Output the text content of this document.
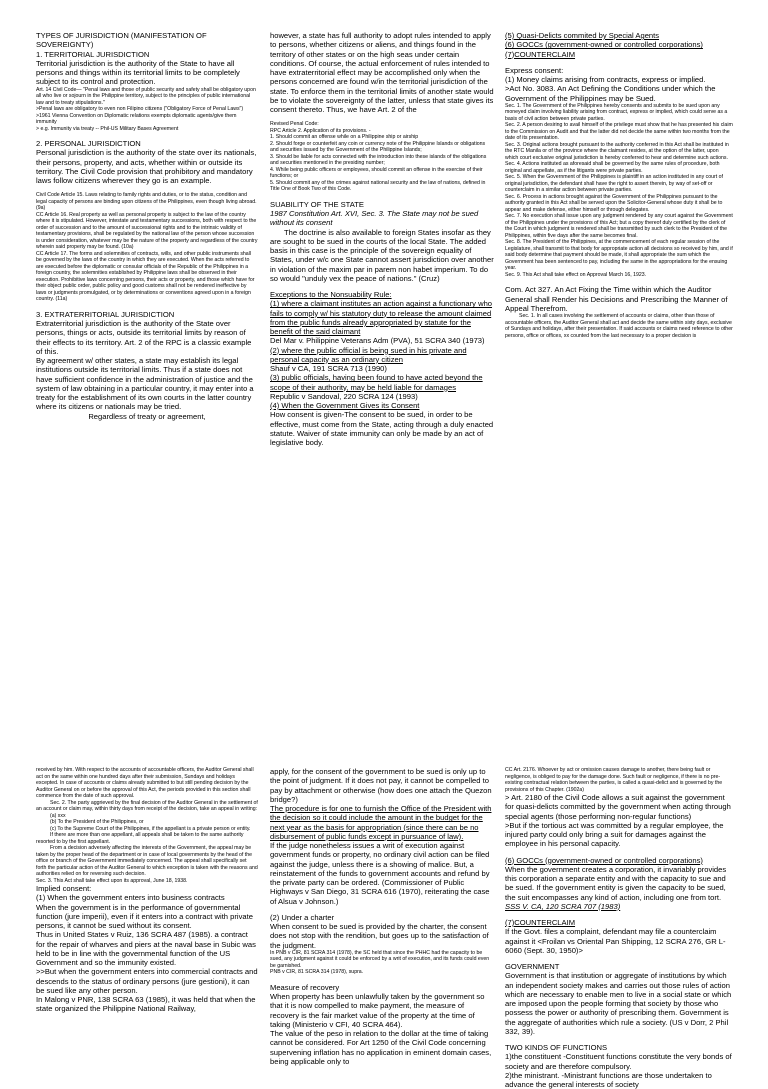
TYPES OF JURISDICTION (MANIFESTATION OF SOVEREIGNTY)

1. TERRITORIAL JURISDICTION

Territorial jurisdiction is the authority of the State to have all persons and things within its territorial limits to be completely subject to its control and protection.

Art. 14 Civil Code— "Penal laws and those of public security and safety shall be obligatory upon all who live or sojourn in the Philippine territory, subject to the principles of public international law and to treaty stipulations."

>Penal laws are obligatory to even non Filipino citizens ("Obligatory Force of Penal Laws")

>1961 Vienna Convention on Diplomatic relations exempts diplomatic agents/give them immunity

> e.g. Immunity via treaty -- Phil-US Military Bases Agreement

2. PERSONAL JURISDICTION

Personal jurisdiction is the authority of the state over its nationals, their persons, property, and acts, whether within or outside its territory. The Civil Code provision that prohibitory and mandatory laws follow citizens wherever they go is an example.

Civil Code Article 15. Laws relating to family rights and duties, or to the status, condition and legal capacity of persons are binding upon citizens of the Philippines, even though living abroad. (9a)

CC Article 16. Real property as well as personal property is subject to the law of the country where it is stipulated. However, intestate and testamentary successions, both with respect to the order of succession and to the amount of successional rights and to the intrinsic validity of testamentary provisions, shall be regulated by the national law of the person whose succession is under consideration, whatever may be the nature of the property and regardless of the country wherein said property may be found. (10a)

CC Article 17. The forms and solemnities of contracts, wills, and other public instruments shall be governed by the laws of the country in which they are executed. When the acts referred to are executed before the diplomatic or consular officials of the Republic of the Philippines in a foreign country, the solemnities established by Philippine laws shall be observed in their execution. Prohibitive laws concerning persons, their acts or property, and those which have for their object public order, public policy and good customs shall not be rendered ineffective by laws or judgments promulgated, or by determinations or conventions agreed upon in a foreign country. (11a)

3. EXTRATERRITORIAL JURISDICTION

Extraterritorial jurisdiction is the authority of the State over persons, things or acts, outside its territorial limits by reason of their effects to its territory. Art. 2 of the RPC is a classic example of this.

By agreement w/ other states, a state may establish its legal institutions outside its territorial limits. Thus if a state does not have sufficient confidence in the administration of justice and the system of law obtaining in a particular country, it may enter into a treaty for the establishment of its own courts in the latter country where its citizens or nationals may be tried.

Regardless of treaty or agreement,

however, a state has full authority to adopt rules intended to apply to persons, whether citizens or aliens, and things found in the territory of other states or on the high seas under certain conditions. Of course, the actual enforcement of rules intended to have extraterritorial effect may be accomplished only when the persons concerned are found w/in the territorial jurisdiction of the state. To enforce them in the territorial limits of another state would be to violate the sovereignty of the latter, unless that state gives its consent thereto. Thus, we have Art. 2 of the

Revised Penal Code:

RPC Article 2. Application of its provisions. -

1. Should commit an offense while on a Philippine ship or airship

2. Should forge or counterfeit any coin or currency note of the Philippine Islands or obligations and securities issued by the Government of the Philippine Islands;

3. Should be liable for acts connected with the introduction into these islands of the obligations and securities mentioned in the presiding number;

4. While being public officers or employees, should commit an offense in the exercise of their functions; or

5. Should commit any of the crimes against national security and the law of nations, defined in Title One of Book Two of this Code.

SUABILITY OF THE STATE

1987 Constitution Art. XVI, Sec. 3. The State may not be sued without its consent

The doctrine is also available to foreign States insofar as they are sought to be sued in the courts of the local State. The added basis in this case is the principle of the sovereign equality of States, under w/c one State cannot assert jurisdiction over another in violation of the maxim par in parem non habet imperium. To do so would "unduly vex the peace of nations." (Cruz)

Exceptions to the Nonsuability Rule:

(1) where a claimant institutes an action against a functionary who fails to comply w/ his statutory duty to release the amount claimed from the public funds already appropriated by statute for the benefit of the said claimant

Del Mar v. Philippine Veterans Adm (PVA), 51 SCRA 340 (1973)

(2) where the public official is being sued in his private and personal capacity as an ordinary citizen

Shauf v CA, 191 SCRA 713 (1990)

(3) public officials, having been found to have acted beyond the scope of their authority, may be held liable for damages

Republic v Sandoval, 220 SCRA 124 (1993)

(4) When the Government Gives its Consent

How consent is given-The consent to be sued, in order to be effective, must come from the State, acting through a duly enacted statute. Waiver of state immunity can only be made by an act of legislative body.

(5) Quasi-Delicts commited by Special Agents

(6) GOCCs (government-owned or controlled corporations)

(7)COUNTERCLAIM

Express consent:

(1) Money claims arising from contracts, express or implied.

>Act No. 3083. An Act Defining the Conditions under which the Government of the Philippines may be Sued.

Sec. 1. The Government of the Philippines hereby consents and submits to be sued upon any moneyed claim involving liability arising from contract, express or implied, which could serve as a basis of civil action between private parties.

Sec. 2. A person desiring to avail himself of the privilege must show that he has presented his claim to the Commission on Audit and that the latter did not decide the same within two months from the date of its presentation.

Sec. 3. Original actions brought pursuant to the authority conferred in this Act shall be instituted in the RTC Manila or of the province where the claimant resides, at the option of the latter, upon which court exclusive original jurisdiction is hereby conferred to hear and determine such actions.

Sec. 4. Actions instituted as aforesaid shall be governed by the same rules of procedure, both original and appellate, as if the litigants were private parties.

Sec. 5. When the Government of the Philippines is plaintiff in an action instituted in any court of original jurisdiction, the defendant shall have the right to assert therein, by way of set-off or counterclaim in a similar action between private parties.

Sec. 6. Process in actions brought against the Government of the Philippines pursuant to the authority granted in this Act shall be served upon the Solicitor-General whose duty it shall be to appear and make defense, either himself or through delegates.

Sec. 7. No execution shall issue upon any judgment rendered by any court against the Government of the Philippines under the provisions of this Act; but a copy thereof duly certified by the clerk of the Court in which judgment is rendered shall be transmitted by such clerk to the President of the Philippines, within five days after the same becomes final.

Sec. 8. The President of the Philippines, at the commencement of each regular session of the Legislature, shall transmit to that body for appropriate action all decisions so received by him, and if said body determine that payment should be made, it shall appropriate the sum which the Government has been sentenced to pay, including the same in the appropriations for the ensuing year.

Sec. 9. This Act shall take effect on Approval March 16, 1923.

Com. Act 327. An Act Fixing the Time within which the Auditor General shall Render his Decisions and Prescribing the Manner of Appeal Therefrom.

Sec. 1. In all cases involving the settlement of accounts or claims, other than those of accountable officers, the Auditor General shall act and decide the same within sixty days, exclusive of Sundays and holidays, after their presentation. If said accounts or claims need reference to other persons, office or offices, xx counted from the last necessary to a proper decision is

received by him. With respect to the accounts of accountable officers, the Auditor General shall act on the same within one hundred days after their submission, Sundays and holidays excepted. In case of accounts or claims already submitted to but still pending decision by the Auditor General on or before the approval of this Act, the periods provided in this section shall commence from the date of such approval.

Sec. 2. The party aggrieved by the final decision of the Auditor General in the settlement of an account or claim may, within thirty days from receipt of the decision, take an appeal in writing:

(a) xxx

(b) To the President of the Philippines, or

(c) To the Supreme Court of the Philippines, if the appellant is a private person or entity.

If there are more than one appellant, all appeals shall be taken to the same authority resorted to by the first appellant.

From a decision adversely affecting the interests of the Government, the appeal may be taken by the proper head of the department or in case of local governments by the head of the office or branch of the Government immediately concerned. The appeal shall specifically set forth the particular action of the Auditor General to which exception is taken with the reasons and authorities relied on for reversing such decision.

Sec. 3. This Act shall take effect upon its approval, June 18, 1938.

Implied consent:

(1) When the government enters into business contracts

When the government is in the performance of governmental function (jure imperii), even if it enters into a contract with private persons, it cannot be sued without its consent.

Thus in United States v Ruiz, 136 SCRA 487 (1985). a contract for the repair of wharves and piers at the naval base in Subic was held to be in line with the governmental function of the US Government and so the immunity existed.

>>But when the government enters into commercial contracts and descends to the status of ordinary persons (jure gestioni), it can be sued like any other person.

In Malong v PNR, 138 SCRA 63 (1985), it was held that when the state organized the Philippine National Railway,

apply, for the consent of the government to be sued is only up to the point of judgment. If it does not pay, it cannot be compelled to pay by attachment or otherwise (how does one attach the Quezon bridge?)

The procedure is for one to furnish the Office of the President with the decision so it could include the amount in the budget for the next year as the basis for appropriation (since there can be no disbursement of public funds except in pursuance of law).

If the judge nonetheless issues a writ of execution against government funds or property, no ordinary civil action can be filed against the judge, unless there is a showing of malice. But, a reinstatement of the funds to government accounts and refund by the private party can be ordered. (Commissioner of Public Highways v San Diego, 31 SCRA 616 (1970), reiterating the case of Alsua v Johnson.)

(2) Under a charter

When consent to be sued is provided by the charter, the consent does not stop with the rendition, but goes up to the satisfaction of the judgment.

In PNB v CIR, 81 SCRA 314 (1978), the SC held that since the PHHC had the capacity to be sued, any judgment against it could be enforced by a writ of execution, and its funds could even be garnished.

PNB v CIR, 81 SCRA 314 (1978), supra.

Measure of recovery

When property has been unlawfully taken by the government so that it is now compelled to make payment, the measure of recovery is the fair market value of the property at the time of taking (Ministerio v CFI, 40 SCRA 464).

The value of the peso in relation to the dollar at the time of taking cannot be considered. For Art 1250 of the Civil Code concerning supervening inflation has no application in eminent domain cases, being applicable only to

CC Art. 2176. Whoever by act or omission causes damage to another, there being fault or negligence, is obliged to pay for the damage done. Such fault or negligence, if there is no pre-existing contractual relation between the parties, is called a quasi-delict and is governed by the provisions of this Chapter. (1902a)

> Art. 2180 of the Civil Code allows a suit against the government for quasi-delicts committed by the government when acting through special agents (those performing non-regular functions)

>But if the tortious act was committed by a regular employee, the injured party could only bring a suit for damages against the employee in his personal capacity.

(6) GOCCs (government-owned or controlled corporations)

When the government creates a corporation, it invariably provides this corporation a separate entity and with the capacity to sue and be sued. If the government entity is given the capacity to be sued, the suit encompasses any kind of action, including one from tort.

SSS V. CA, 120 SCRA 707 (1983)

(7)COUNTERCLAIM

If the Govt. files a complaint, defendant may file a counterclaim against it <Froilan vs Oriental Pan Shipping, 12 SCRA 276, GR L-6060 (Sept. 30, 1950)>

GOVERNMENT

Government is that institution or aggregate of institutions by which an independent society makes and carries out those rules of action which are necessary to enable men to live in a social state or which are imposed upon the people forming that society by those who possess the power or authority of prescribing them. Government is the aggregate of authorities which rule a society. (US v Dorr, 2 Phil 332, 39).

TWO KINDS OF FUNCTIONS

1)the constituent -Constituent functions constitute the very bonds of society and are therefore compulsory.

2)the ministrant. -Ministrant functions are those undertaken to advance the general interests of society
